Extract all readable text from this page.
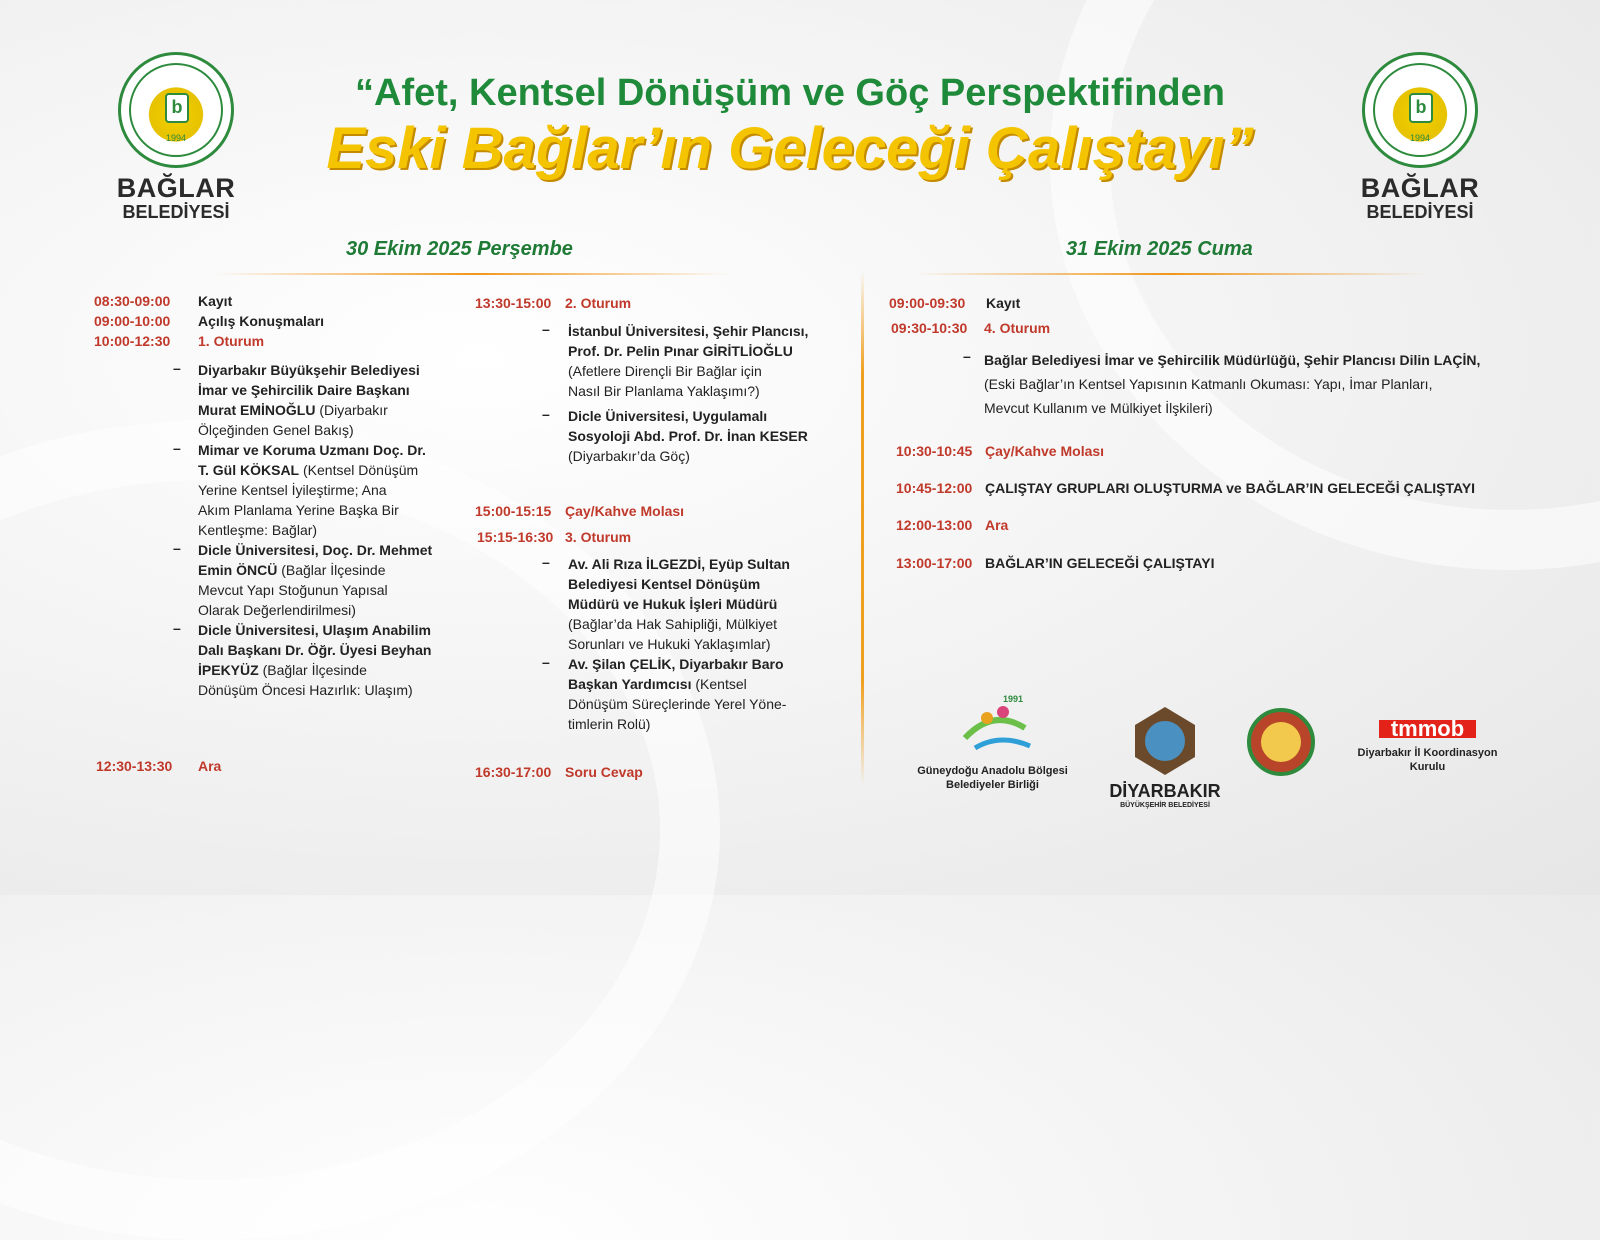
b
1994
BAĞLAR
BELEDİYESİ
b
1994
BAĞLAR
BELEDİYESİ
“Afet, Kentsel Dönüşüm ve Göç Perspektifinden
Eski Bağlar’ın Geleceği Çalıştayı”
30 Ekim 2025 Perşembe	31 Ekim 2025 Cuma
08:30-09:00 Kayıt
09:00-10:00 Açılış Konuşmaları
10:00-12:30 1. Oturum
– Diyarbakır Büyükşehir Belediyesi
İmar ve Şehircilik Daire Başkanı
Murat EMİNOĞLU (Diyarbakır
Ölçeğinden Genel Bakış)
– Mimar ve Koruma Uzmanı Doç. Dr.
T. Gül KÖKSAL (Kentsel Dönüşüm
Yerine Kentsel İyileştirme; Ana
Akım Planlama Yerine Başka Bir
Kentleşme: Bağlar)
– Dicle Üniversitesi, Doç. Dr. Mehmet
Emin ÖNCÜ (Bağlar İlçesinde
Mevcut Yapı Stoğunun Yapısal
Olarak Değerlendirilmesi)
– Dicle Üniversitesi, Ulaşım Anabilim
Dalı Başkanı Dr. Öğr. Üyesi Beyhan
İPEKYÜZ (Bağlar İlçesinde
Dönüşüm Öncesi Hazırlık: Ulaşım)
12:30-13:30 Ara
13:30-15:00 2. Oturum
– İstanbul Üniversitesi, Şehir Plancısı,
Prof. Dr. Pelin Pınar GİRİTLİOĞLU
(Afetlere Dirençli Bir Bağlar için
Nasıl Bir Planlama Yaklaşımı?)
– Dicle Üniversitesi, Uygulamalı
Sosyoloji Abd. Prof. Dr. İnan KESER
(Diyarbakır’da Göç)
15:00-15:15 Çay/Kahve Molası
15:15-16:30 3. Oturum
– Av. Ali Rıza İLGEZDİ, Eyüp Sultan
Belediyesi Kentsel Dönüşüm
Müdürü ve Hukuk İşleri Müdürü
(Bağlar’da Hak Sahipliği, Mülkiyet
Sorunları ve Hukuki Yaklaşımlar)
– Av. Şilan ÇELİK, Diyarbakır Baro
Başkan Yardımcısı (Kentsel
Dönüşüm Süreçlerinde Yerel Yöne-
timlerin Rolü)
16:30-17:00 Soru Cevap
09:00-09:30 Kayıt
09:30-10:30 4. Oturum
– Bağlar Belediyesi İmar ve Şehircilik Müdürlüğü, Şehir Plancısı Dilin LAÇİN,
(Eski Bağlar’ın Kentsel Yapısının Katmanlı Okuması: Yapı, İmar Planları,
Mevcut Kullanım ve Mülkiyet İlşkileri)
10:30-10:45 Çay/Kahve Molası
10:45-12:00 ÇALIŞTAY GRUPLARI OLUŞTURMA ve BAĞLAR’IN GELECEĞİ ÇALIŞTAYI
12:00-13:00 Ara
13:00-17:00 BAĞLAR’IN GELECEĞİ ÇALIŞTAYI
1991
Güneydoğu Anadolu Bölgesi
Belediyeler Birliği	DİYARBAKIR
BÜYÜKŞEHİR BELEDİYESİ
tmmob
Diyarbakır İl Koordinasyon
Kurulu
